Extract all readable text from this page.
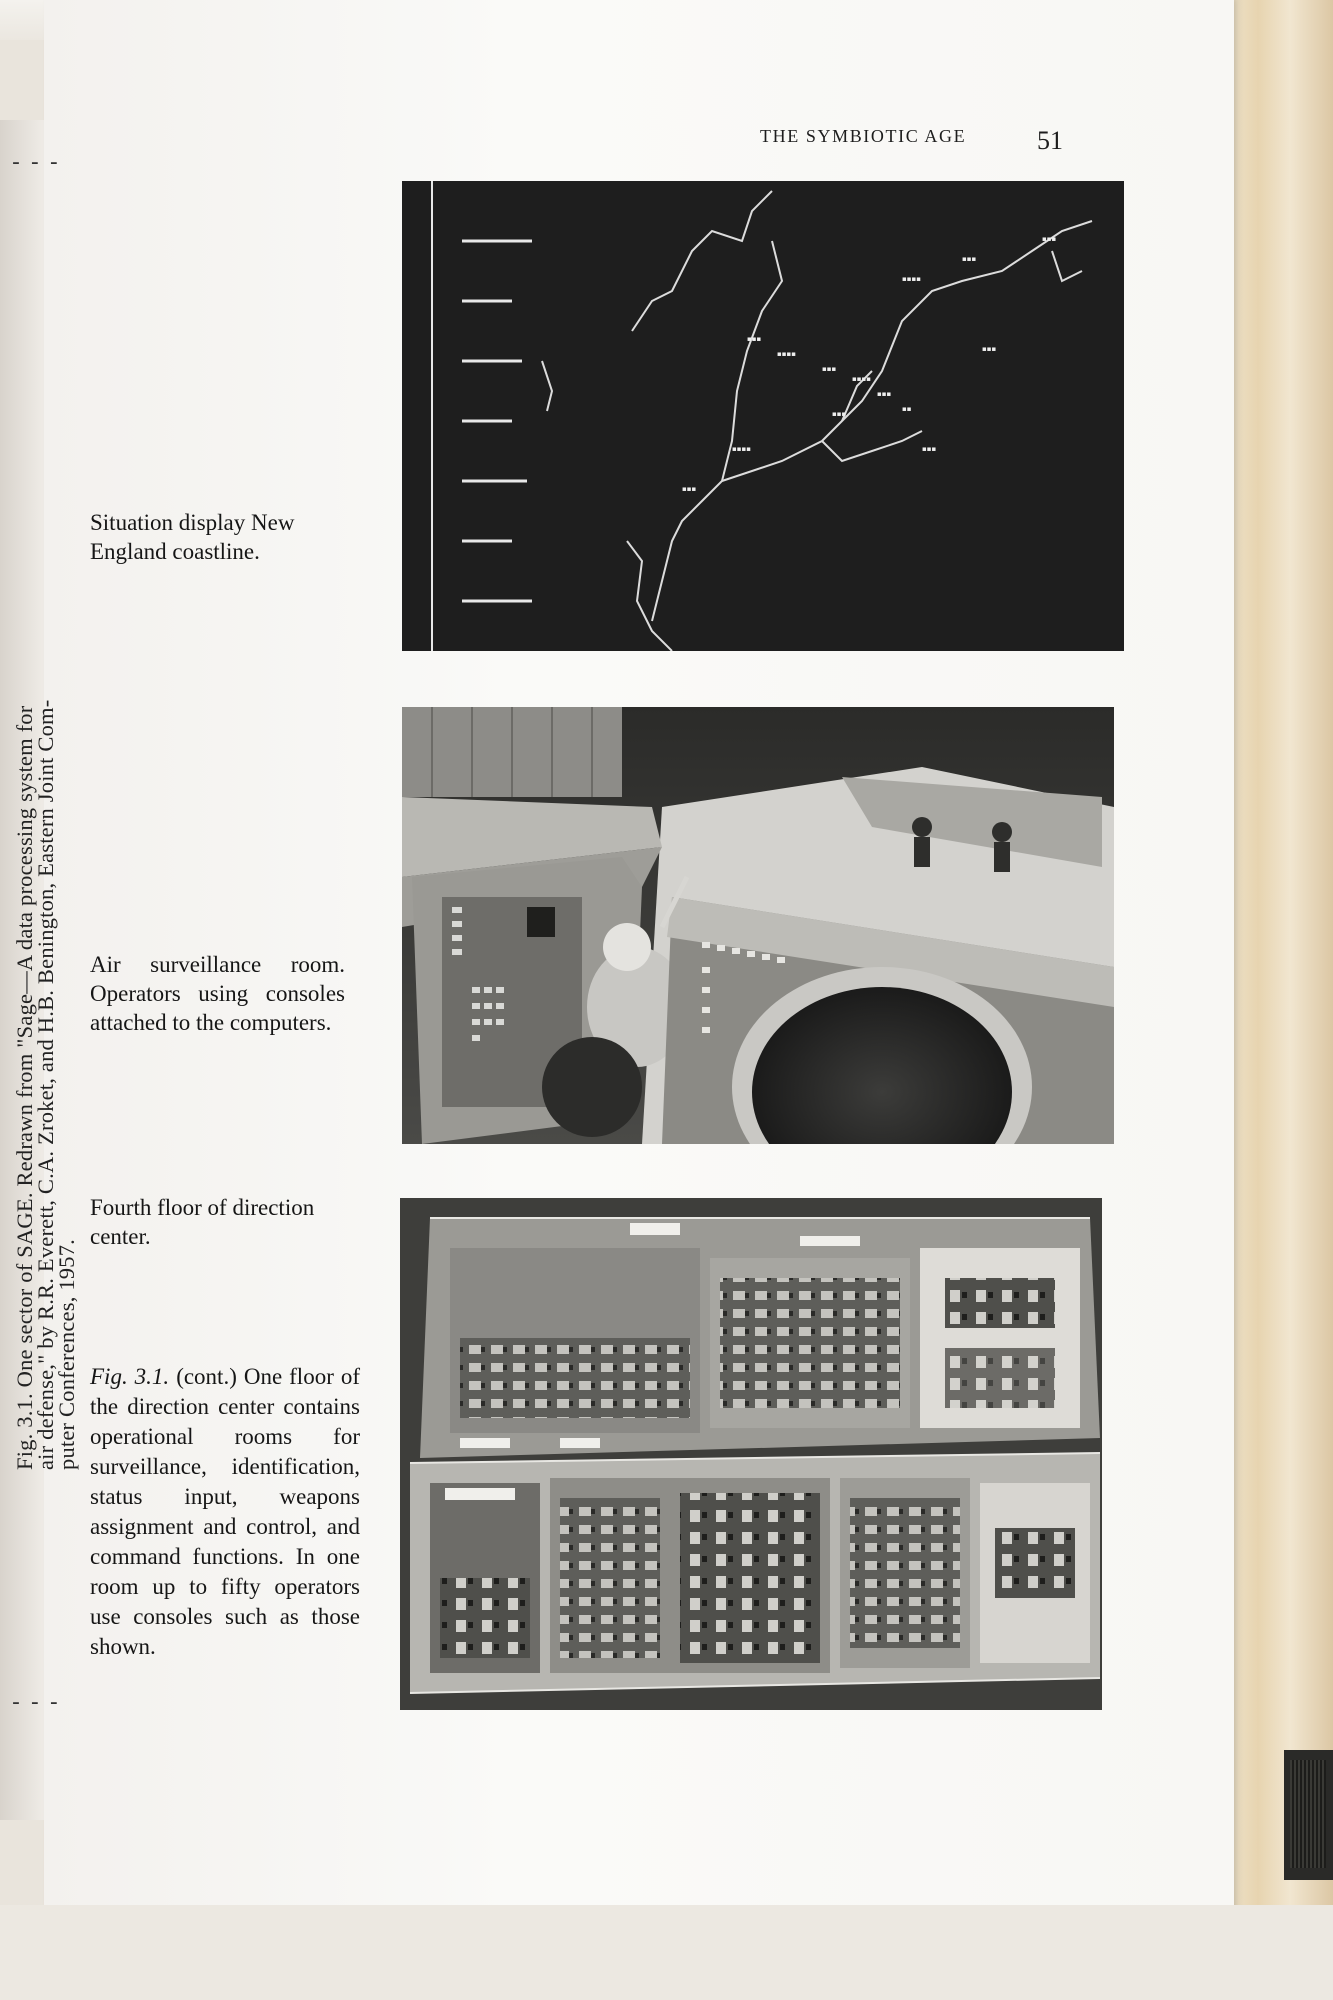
- - -
- - -
Fig. 3.1. One sector of SAGE. Redrawn from "Sage—A data processing system for
air defense," by R.R. Everett, C.A. Zroket, and H.B. Benington, Eastern Joint Com-
puter Conferences, 1957.
THE SYMBIOTIC AGE	51
Situation display New England coastline.
Air surveillance room. Operators using consoles attached to the computers.
Fourth floor of direction center.
Fig. 3.1. (cont.) One floor of the direction center contains operational rooms for surveillance, identification, status input, weapons assignment and control, and command functions. In one room up to fifty operators use consoles such as those shown.
▪▪▪
▪▪▪▪
▪▪▪
▪▪▪▪
▪▪▪
▪▪
▪▪▪
▪▪▪
▪▪▪▪
▪▪▪
▪▪▪
▪▪▪
▪▪▪▪
▪▪▪
